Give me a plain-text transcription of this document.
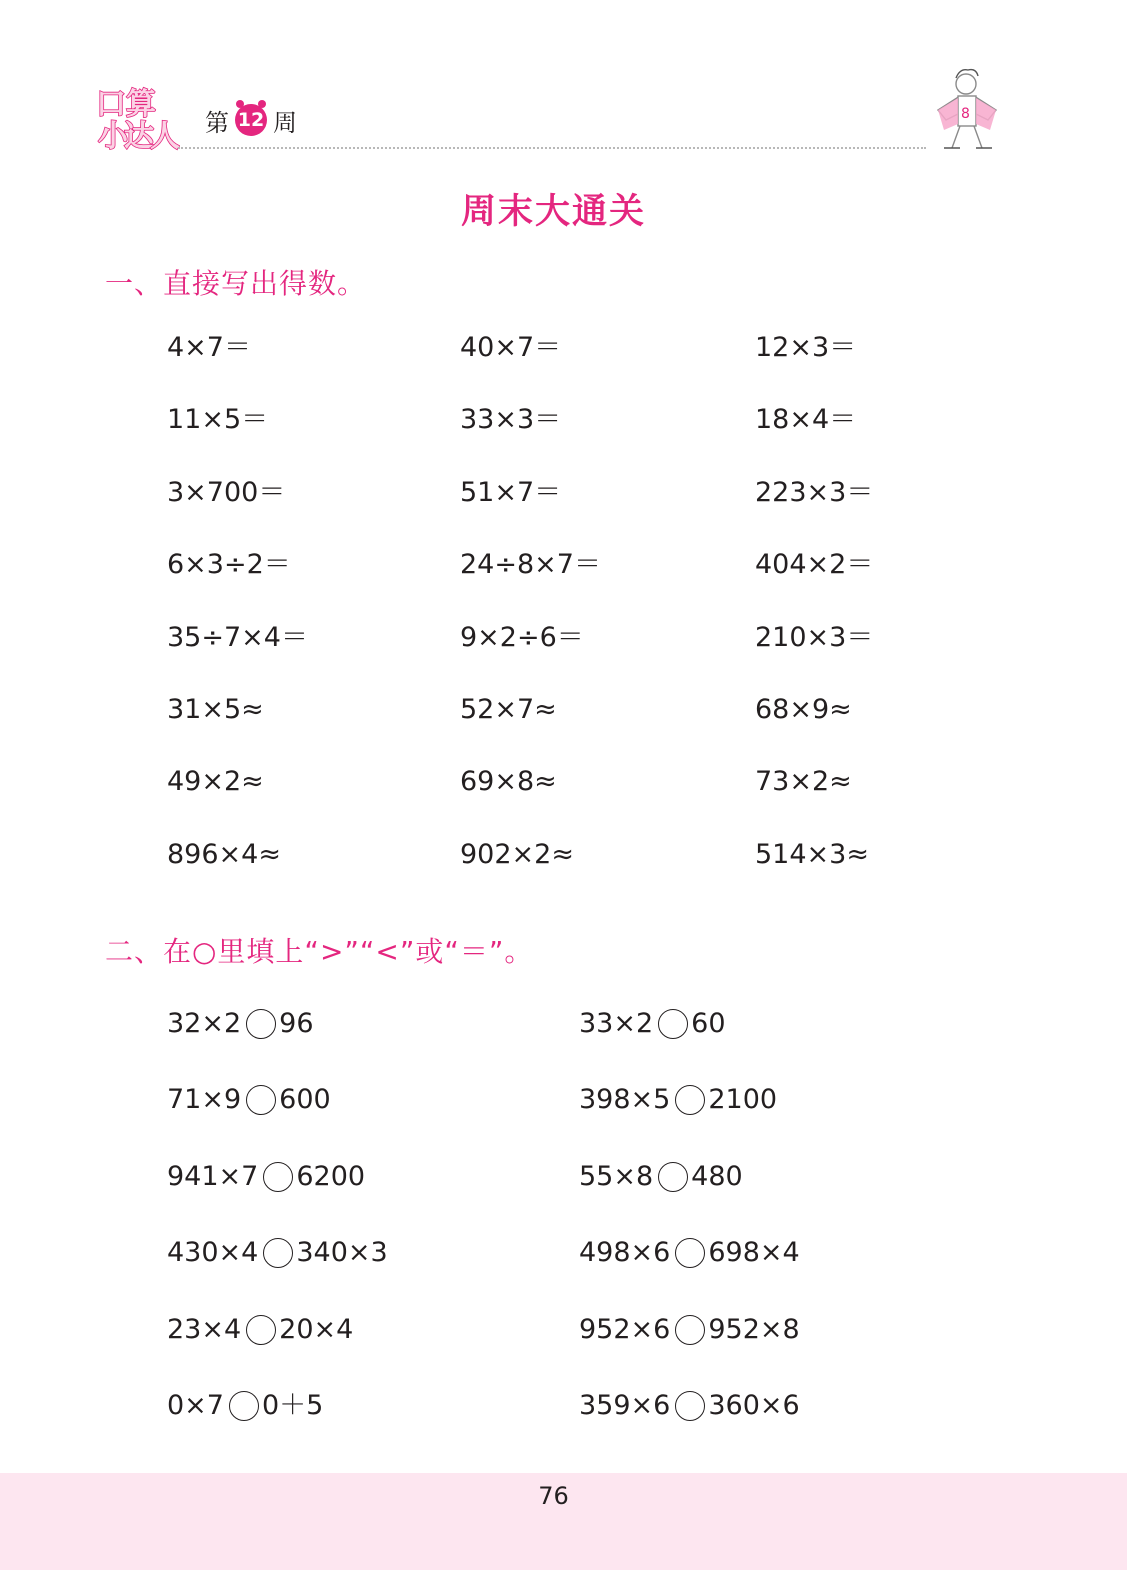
口 算
小
达
人 第 12 周	8
周末大通关
一、直接写出得数。
4×7＝	40×7＝	12×3＝
11×5＝	33×3＝	18×4＝
3×700＝	51×7＝	223×3＝
6×3÷2＝	24÷8×7＝	404×2＝
35÷7×4＝	9×2÷6＝	210×3＝
31×5≈	52×7≈	68×9≈
49×2≈	69×8≈	73×2≈
896×4≈	902×2≈	514×3≈
二、在○里填上“>”“<”或“＝”。
32×2 96	33×2 60
71×9 600	398×5 2100
941×7 6200	55×8 480
430×4 340×3	498×6 698×4
23×4 20×4	952×6 952×8
0×7 0＋5	359×6 360×6
76
